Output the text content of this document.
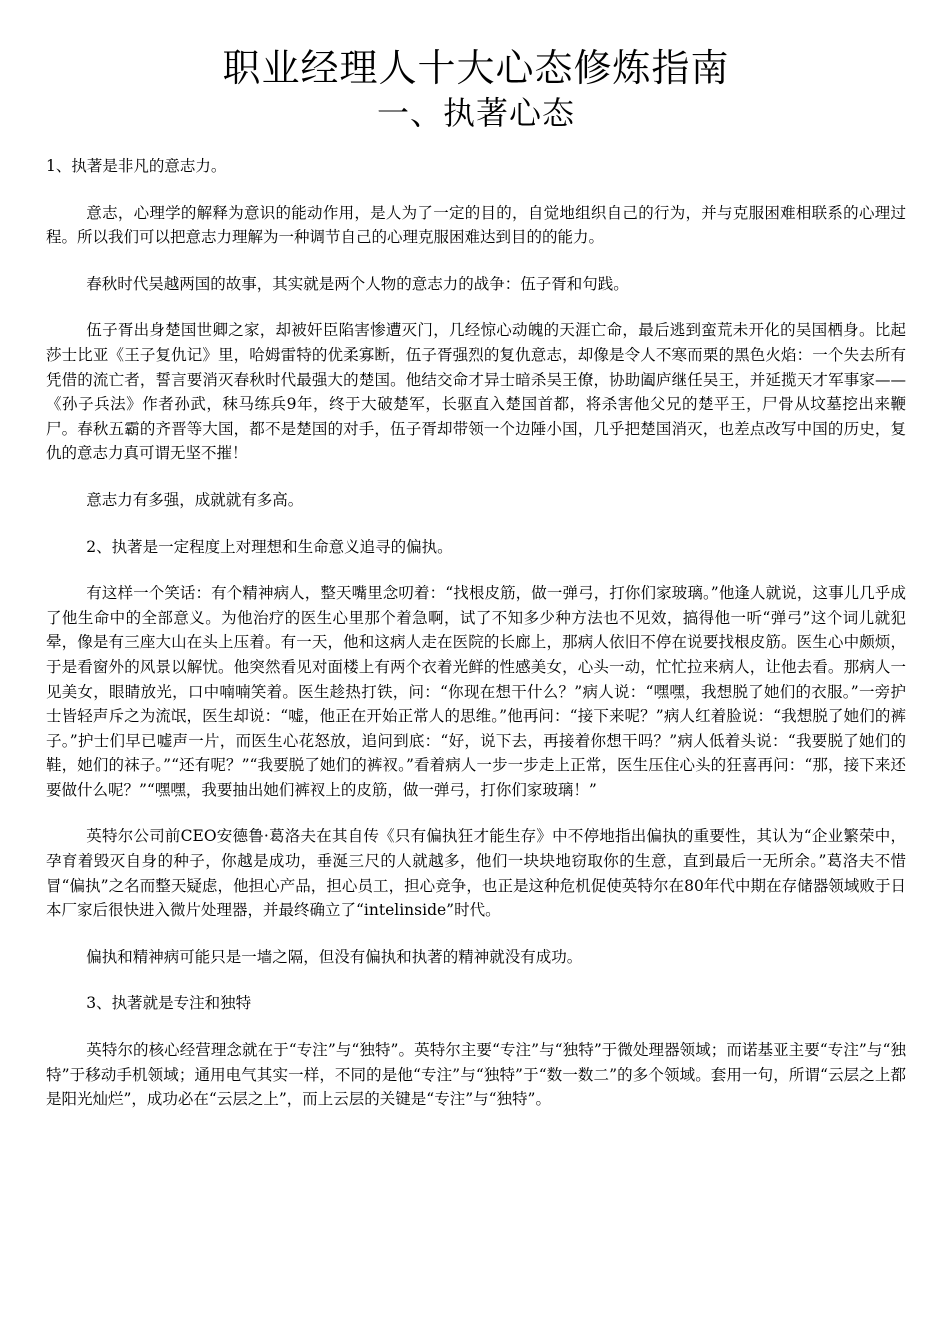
职业经理人十大心态修炼指南
一、执著心态

1、执著是非凡的意志力。

意志，心理学的解释为意识的能动作用，是人为了一定的目的，自觉地组织自己的行为，并与克服困难相联系的心理过程。所以我们可以把意志力理解为一种调节自己的心理克服困难达到目的的能力。

春秋时代吴越两国的故事，其实就是两个人物的意志力的战争：伍子胥和句践。

伍子胥出身楚国世卿之家，却被奸臣陷害惨遭灭门，几经惊心动魄的天涯亡命，最后逃到蛮荒未开化的吴国栖身。比起莎士比亚《王子复仇记》里，哈姆雷特的优柔寡断，伍子胥强烈的复仇意志，却像是令人不寒而栗的黑色火焰：一个失去所有凭借的流亡者，誓言要消灭春秋时代最强大的楚国。他结交命才异士暗杀吴王僚，协助阖庐继任吴王，并延揽天才军事家——《孙子兵法》作者孙武，秣马练兵9年，终于大破楚军，长驱直入楚国首都，将杀害他父兄的楚平王，尸骨从坟墓挖出来鞭尸。春秋五霸的齐晋等大国，都不是楚国的对手，伍子胥却带领一个边陲小国，几乎把楚国消灭，也差点改写中国的历史，复仇的意志力真可谓无坚不摧！

意志力有多强，成就就有多高。

2、执著是一定程度上对理想和生命意义追寻的偏执。

有这样一个笑话：有个精神病人，整天嘴里念叨着：“找根皮筋，做一弹弓，打你们家玻璃。”他逢人就说，这事儿几乎成了他生命中的全部意义。为他治疗的医生心里那个着急啊，试了不知多少种方法也不见效，搞得他一听“弹弓”这个词儿就犯晕，像是有三座大山在头上压着。有一天，他和这病人走在医院的长廊上，那病人依旧不停在说要找根皮筋。医生心中颇烦，于是看窗外的风景以解忧。他突然看见对面楼上有两个衣着光鲜的性感美女，心头一动，忙忙拉来病人，让他去看。那病人一见美女，眼睛放光，口中喃喃笑着。医生趁热打铁，问：“你现在想干什么？”病人说：“嘿嘿，我想脱了她们的衣服。”一旁护士皆轻声斥之为流氓，医生却说：“嘘，他正在开始正常人的思维。”他再问：“接下来呢？”病人红着脸说：“我想脱了她们的裤子。”护士们早已嘘声一片，而医生心花怒放，追问到底：“好，说下去，再接着你想干吗？”病人低着头说：“我要脱了她们的鞋，她们的袜子。”“还有呢？”“我要脱了她们的裤衩。”看着病人一步一步走上正常，医生压住心头的狂喜再问：“那，接下来还要做什么呢？”“嘿嘿，我要抽出她们裤衩上的皮筋，做一弹弓，打你们家玻璃！”

英特尔公司前CEO安德鲁·葛洛夫在其自传《只有偏执狂才能生存》中不停地指出偏执的重要性，其认为“企业繁荣中，孕育着毁灭自身的种子，你越是成功，垂涎三尺的人就越多，他们一块块地窃取你的生意，直到最后一无所余。”葛洛夫不惜冒“偏执”之名而整天疑虑，他担心产品，担心员工，担心竞争，也正是这种危机促使英特尔在80年代中期在存储器领域败于日本厂家后很快进入微片处理器，并最终确立了“intelinside”时代。

偏执和精神病可能只是一墙之隔，但没有偏执和执著的精神就没有成功。

3、执著就是专注和独特

英特尔的核心经营理念就在于“专注”与“独特”。英特尔主要“专注”与“独特”于微处理器领域；而诺基亚主要“专注”与“独特”于移动手机领域；通用电气其实一样，不同的是他“专注”与“独特”于“数一数二”的多个领域。套用一句，所谓“云层之上都是阳光灿烂”，成功必在“云层之上”，而上云层的关键是“专注”与“独特”。
